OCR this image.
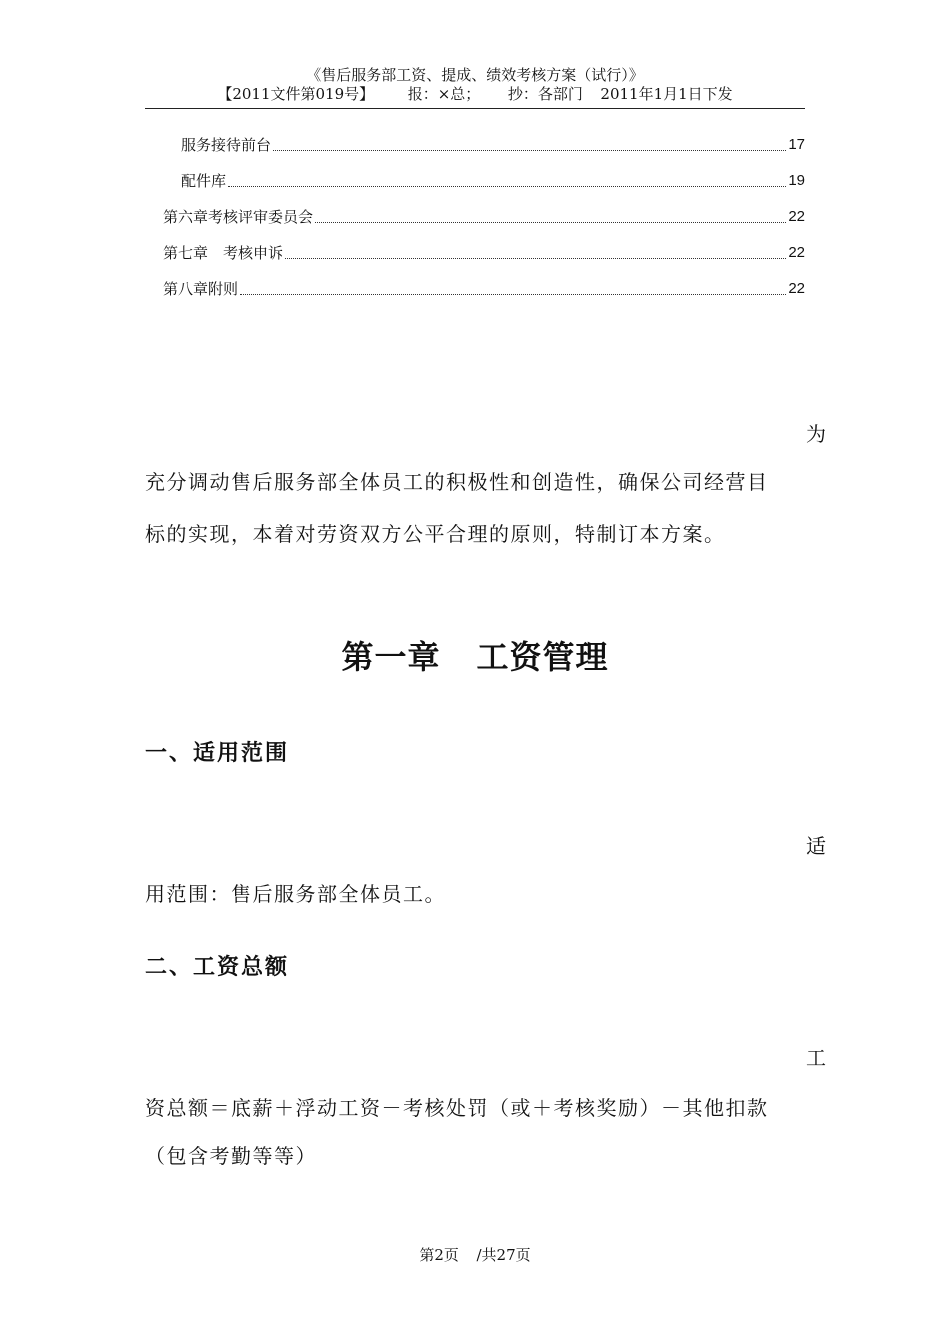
《售后服务部工资、提成、绩效考核方案（试行）》
【2011文件第019号】 报：×总； 抄：各部门 2011年1月1日下发
服务接待前台	17
配件库	19
第六章考核评审委员会	22
第七章　考核申诉	22
第八章附则	22
为
充分调动售后服务部全体员工的积极性和创造性，确保公司经营目
标的实现，本着对劳资双方公平合理的原则，特制订本方案。
第一章 工资管理
一、适用范围
适
用范围：售后服务部全体员工。
二、工资总额
工
资总额＝底薪＋浮动工资－考核处罚（或＋考核奖励）－其他扣款
（包含考勤等等）
第2页 /共27页
